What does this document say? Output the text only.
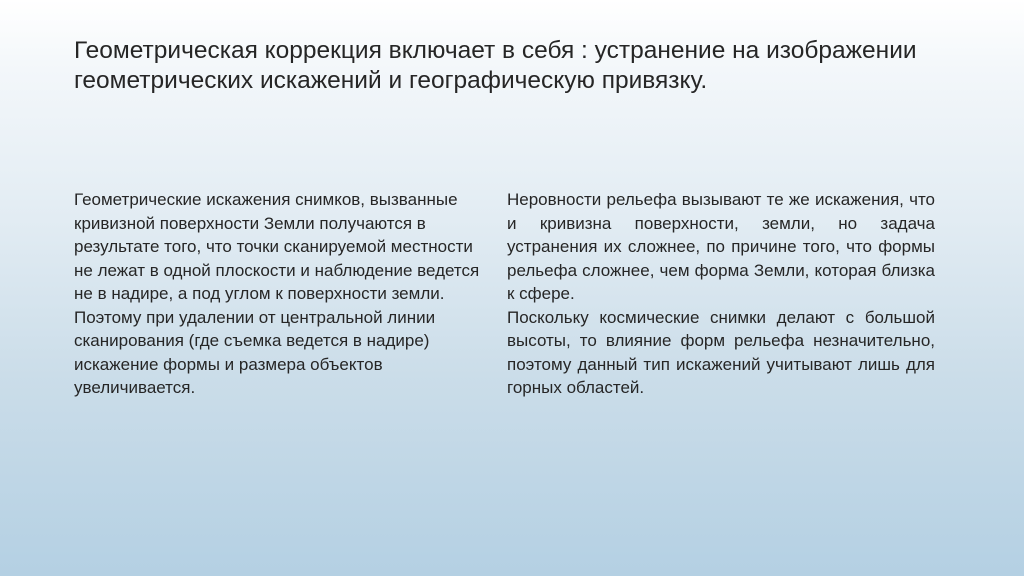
Геометрическая коррекция включает в себя : устранение на изображении геометрических искажений и географическую привязку.

Геометрические искажения снимков, вызванные кривизной поверхности Земли получаются в результате того, что точки сканируемой местности не лежат в одной плоскости и наблюдение ведется не в надире, а под углом к поверхности земли. Поэтому при удалении от центральной линии сканирования (где съемка ведется в надире) искажение формы и размера объектов увеличивается.

Неровности рельефа вызывают те же искажения, что и кривизна поверхности, земли, но задача устранения их сложнее, по причине того, что формы рельефа сложнее, чем форма Земли, которая близка к сфере.

Поскольку космические снимки делают с большой высоты, то влияние форм рельефа незначительно, поэтому данный тип искажений учитывают лишь для горных областей.
